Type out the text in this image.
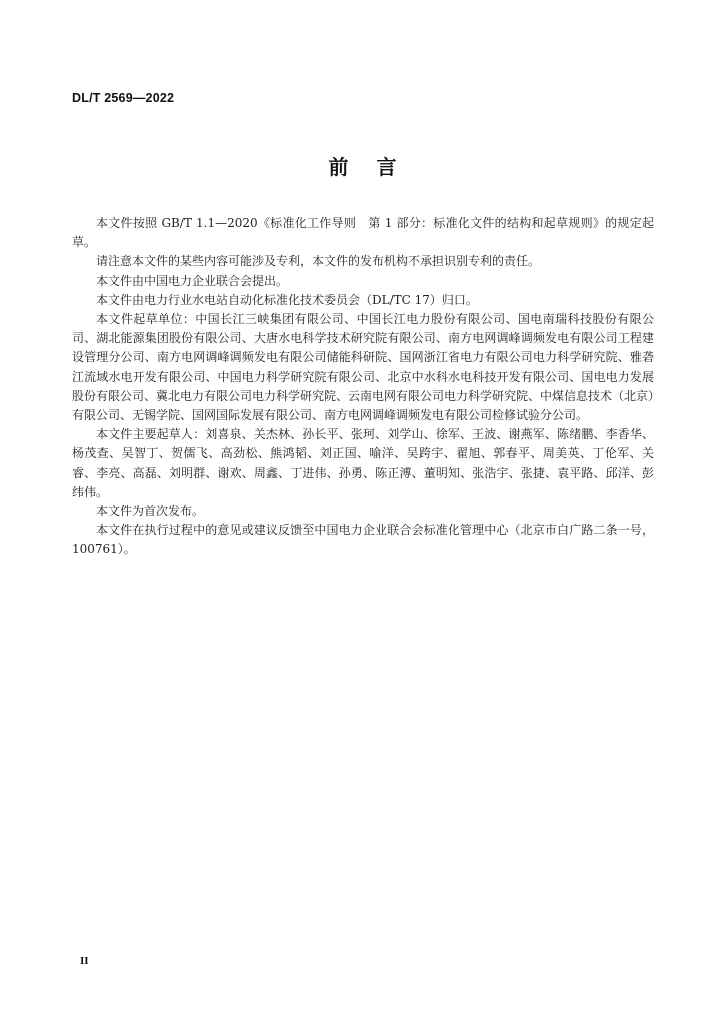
DL/T 2569—2022
前言

本文件按照 GB/T 1.1—2020《标准化工作导则　第 1 部分：标准化文件的结构和起草规则》的规定起草。

请注意本文件的某些内容可能涉及专利，本文件的发布机构不承担识别专利的责任。

本文件由中国电力企业联合会提出。

本文件由电力行业水电站自动化标准化技术委员会（DL/TC 17）归口。

本文件起草单位：中国长江三峡集团有限公司、中国长江电力股份有限公司、国电南瑞科技股份有限公司、湖北能源集团股份有限公司、大唐水电科学技术研究院有限公司、南方电网调峰调频发电有限公司工程建设管理分公司、南方电网调峰调频发电有限公司储能科研院、国网浙江省电力有限公司电力科学研究院、雅砻江流域水电开发有限公司、中国电力科学研究院有限公司、北京中水科水电科技开发有限公司、国电电力发展股份有限公司、冀北电力有限公司电力科学研究院、云南电网有限公司电力科学研究院、中煤信息技术（北京）有限公司、无锡学院、国网国际发展有限公司、南方电网调峰调频发电有限公司检修试验分公司。

本文件主要起草人：刘喜泉、关杰林、孙长平、张珂、刘学山、徐军、王波、谢燕军、陈绪鹏、李香华、杨茂查、吴智丁、贺儒飞、高劲松、熊鸿韬、刘正国、喻洋、吴跨宇、翟旭、郭春平、周美英、丁伦军、关睿、李亮、高磊、刘明群、谢欢、周鑫、丁进伟、孙勇、陈正溥、董明知、张浩宇、张捷、袁平路、邱洋、彭纬伟。

本文件为首次发布。

本文件在执行过程中的意见或建议反馈至中国电力企业联合会标准化管理中心（北京市白广路二条一号，100761）。

II
